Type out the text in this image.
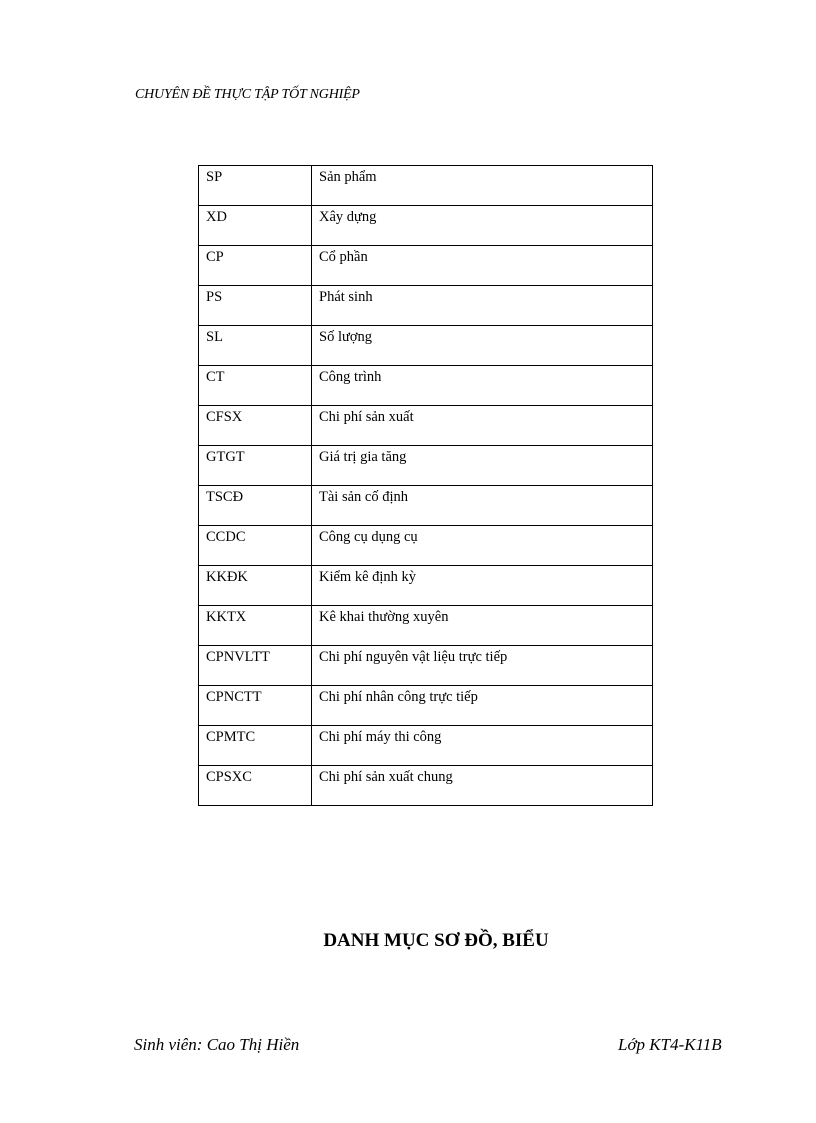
CHUYÊN ĐỀ THỰC TẬP TỐT NGHIỆP
SP	Sản phẩm
XD	Xây dựng
CP	Cổ phần
PS	Phát sinh
SL	Số lượng
CT	Công trình
CFSX	Chi phí sản xuất
GTGT	Giá trị gia tăng
TSCĐ	Tài sản cố định
CCDC	Công cụ dụng cụ
KKĐK	Kiểm kê định kỳ
KKTX	Kê khai thường xuyên
CPNVLTT	Chi phí nguyên vật liệu trực tiếp
CPNCTT	Chi phí nhân công trực tiếp
CPMTC	Chi phí máy thi công
CPSXC	Chi phí sản xuất chung
DANH MỤC SƠ ĐỒ, BIỂU
Sinh viên: Cao Thị Hiền	Lớp KT4-K11B
